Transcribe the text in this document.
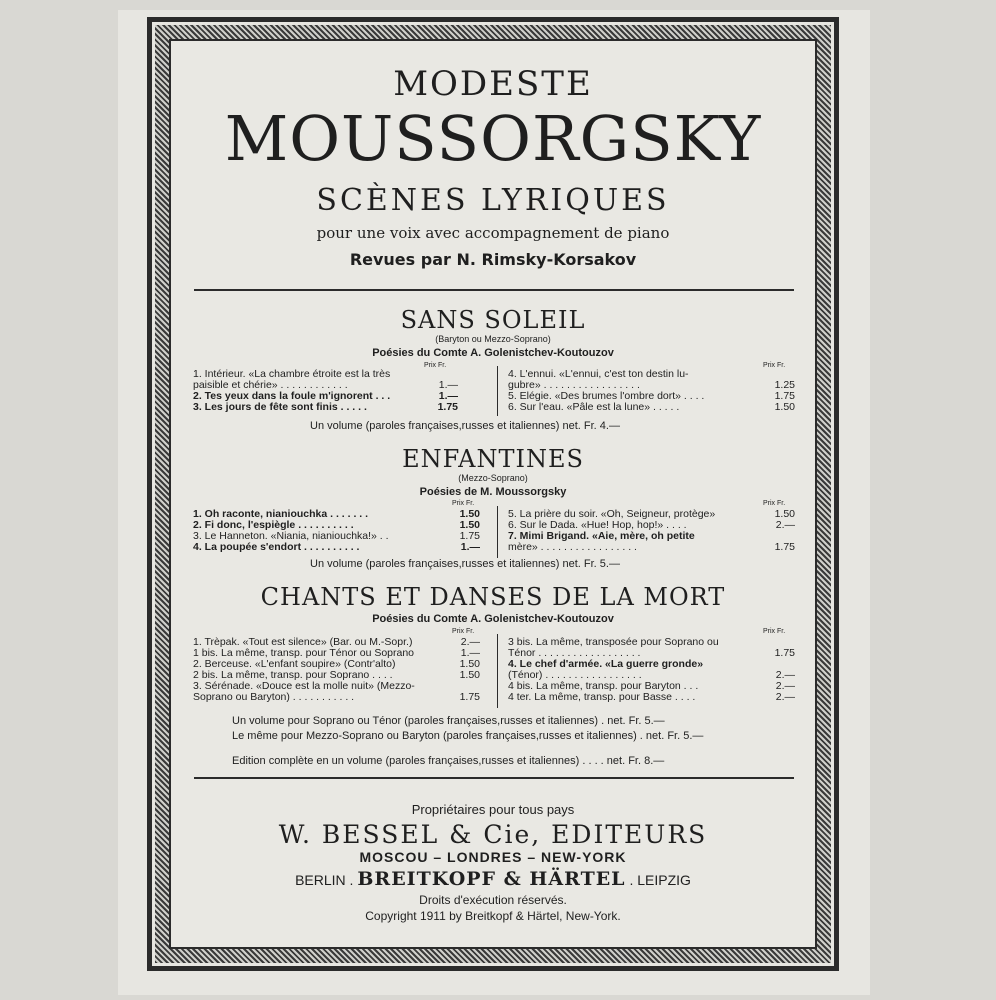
MODESTE
MOUSSORGSKY
SCÈNES LYRIQUES
pour une voix avec accompagnement de piano
Revues par N. Rimsky-Korsakov
SANS SOLEIL
(Baryton ou Mezzo-Soprano)
Poésies du Comte A. Golenistchev-Koutouzov
Prix Fr.	Prix Fr.
1. Intérieur. «La chambre étroite est la très
paisible et chérie» . . . . . . . . . . . .	1.—
2. Tes yeux dans la foule m'ignorent . . .	1.—
3. Les jours de fête sont finis . . . . .	1.75
4. L'ennui. «L'ennui, c'est ton destin lu-
gubre» . . . . . . . . . . . . . . . . .	1.25
5. Elégie. «Des brumes l'ombre dort» . . . .	1.75
6. Sur l'eau. «Pâle est la lune» . . . . .	1.50
Un volume (paroles françaises,russes et italiennes) net. Fr. 4.—
ENFANTINES
(Mezzo-Soprano)
Poésies de M. Moussorgsky
Prix Fr.	Prix Fr.
1. Oh raconte, nianiouchka . . . . . . .	1.50
2. Fi donc, l'espiègle . . . . . . . . . .	1.50
3. Le Hanneton. «Niania, nianiouchka!» . .	1.75
4. La poupée s'endort . . . . . . . . . .	1.—
5. La prière du soir. «Oh, Seigneur, protège»	1.50
6. Sur le Dada. «Hue! Hop, hop!» . . . .	2.—
7. Mimi Brigand. «Aie, mère, oh petite
mère» . . . . . . . . . . . . . . . . .	1.75
Un volume (paroles françaises,russes et italiennes) net. Fr. 5.—
CHANTS ET DANSES DE LA MORT
Poésies du Comte A. Golenistchev-Koutouzov
Prix Fr.	Prix Fr.
1. Trèpak. «Tout est silence» (Bar. ou M.-Sopr.)	2.—
1 bis. La même, transp. pour Ténor ou Soprano	1.—
2. Berceuse. «L'enfant soupire» (Contr'alto)	1.50
2 bis. La même, transp. pour Soprano . . . .	1.50
3. Sérénade. «Douce est la molle nuit» (Mezzo-
Soprano ou Baryton) . . . . . . . . . . .	1.75
3 bis. La même, transposée pour Soprano ou
Ténor . . . . . . . . . . . . . . . . . .	1.75
4. Le chef d'armée. «La guerre gronde»
(Ténor) . . . . . . . . . . . . . . . . .	2.—
4 bis. La même, transp. pour Baryton . . .	2.—
4 ter. La même, transp. pour Basse . . . .	2.—
Un volume pour Soprano ou Ténor (paroles françaises,russes et italiennes) . net. Fr. 5.—
Le même pour Mezzo-Soprano ou Baryton (paroles françaises,russes et italiennes) . net. Fr. 5.—
Edition complète en un volume (paroles françaises,russes et italiennes) . . . . net. Fr. 8.—
Propriétaires pour tous pays
W. BESSEL & Cie, EDITEURS
MOSCOU – LONDRES – NEW-YORK
BERLIN . BREITKOPF & HÄRTEL . LEIPZIG
Droits d'exécution réservés.
Copyright 1911 by Breitkopf & Härtel, New-York.
